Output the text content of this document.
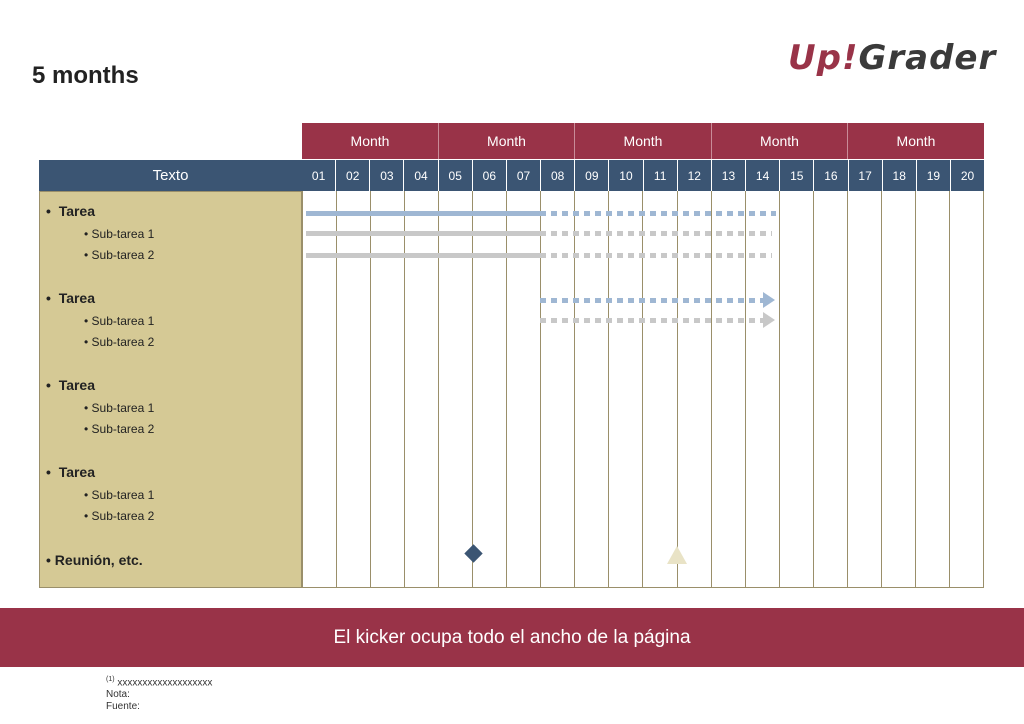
5 months	Up!Grader
Month	Month	Month	Month	Month
Texto	01	02	03	04	05	06	07	08	09	10	11	12	13	14	15	16	17	18	19	20
•  Tarea
• Sub-tarea 1
• Sub-tarea 2
•  Tarea
• Sub-tarea 1
• Sub-tarea 2
•  Tarea
• Sub-tarea 1
• Sub-tarea 2
•  Tarea
• Sub-tarea 1
• Sub-tarea 2
• Reunión, etc.
El kicker ocupa todo el ancho de la página
$^{(1)}$ xxxxxxxxxxxxxxxxxxx
Nota:
Fuente:
